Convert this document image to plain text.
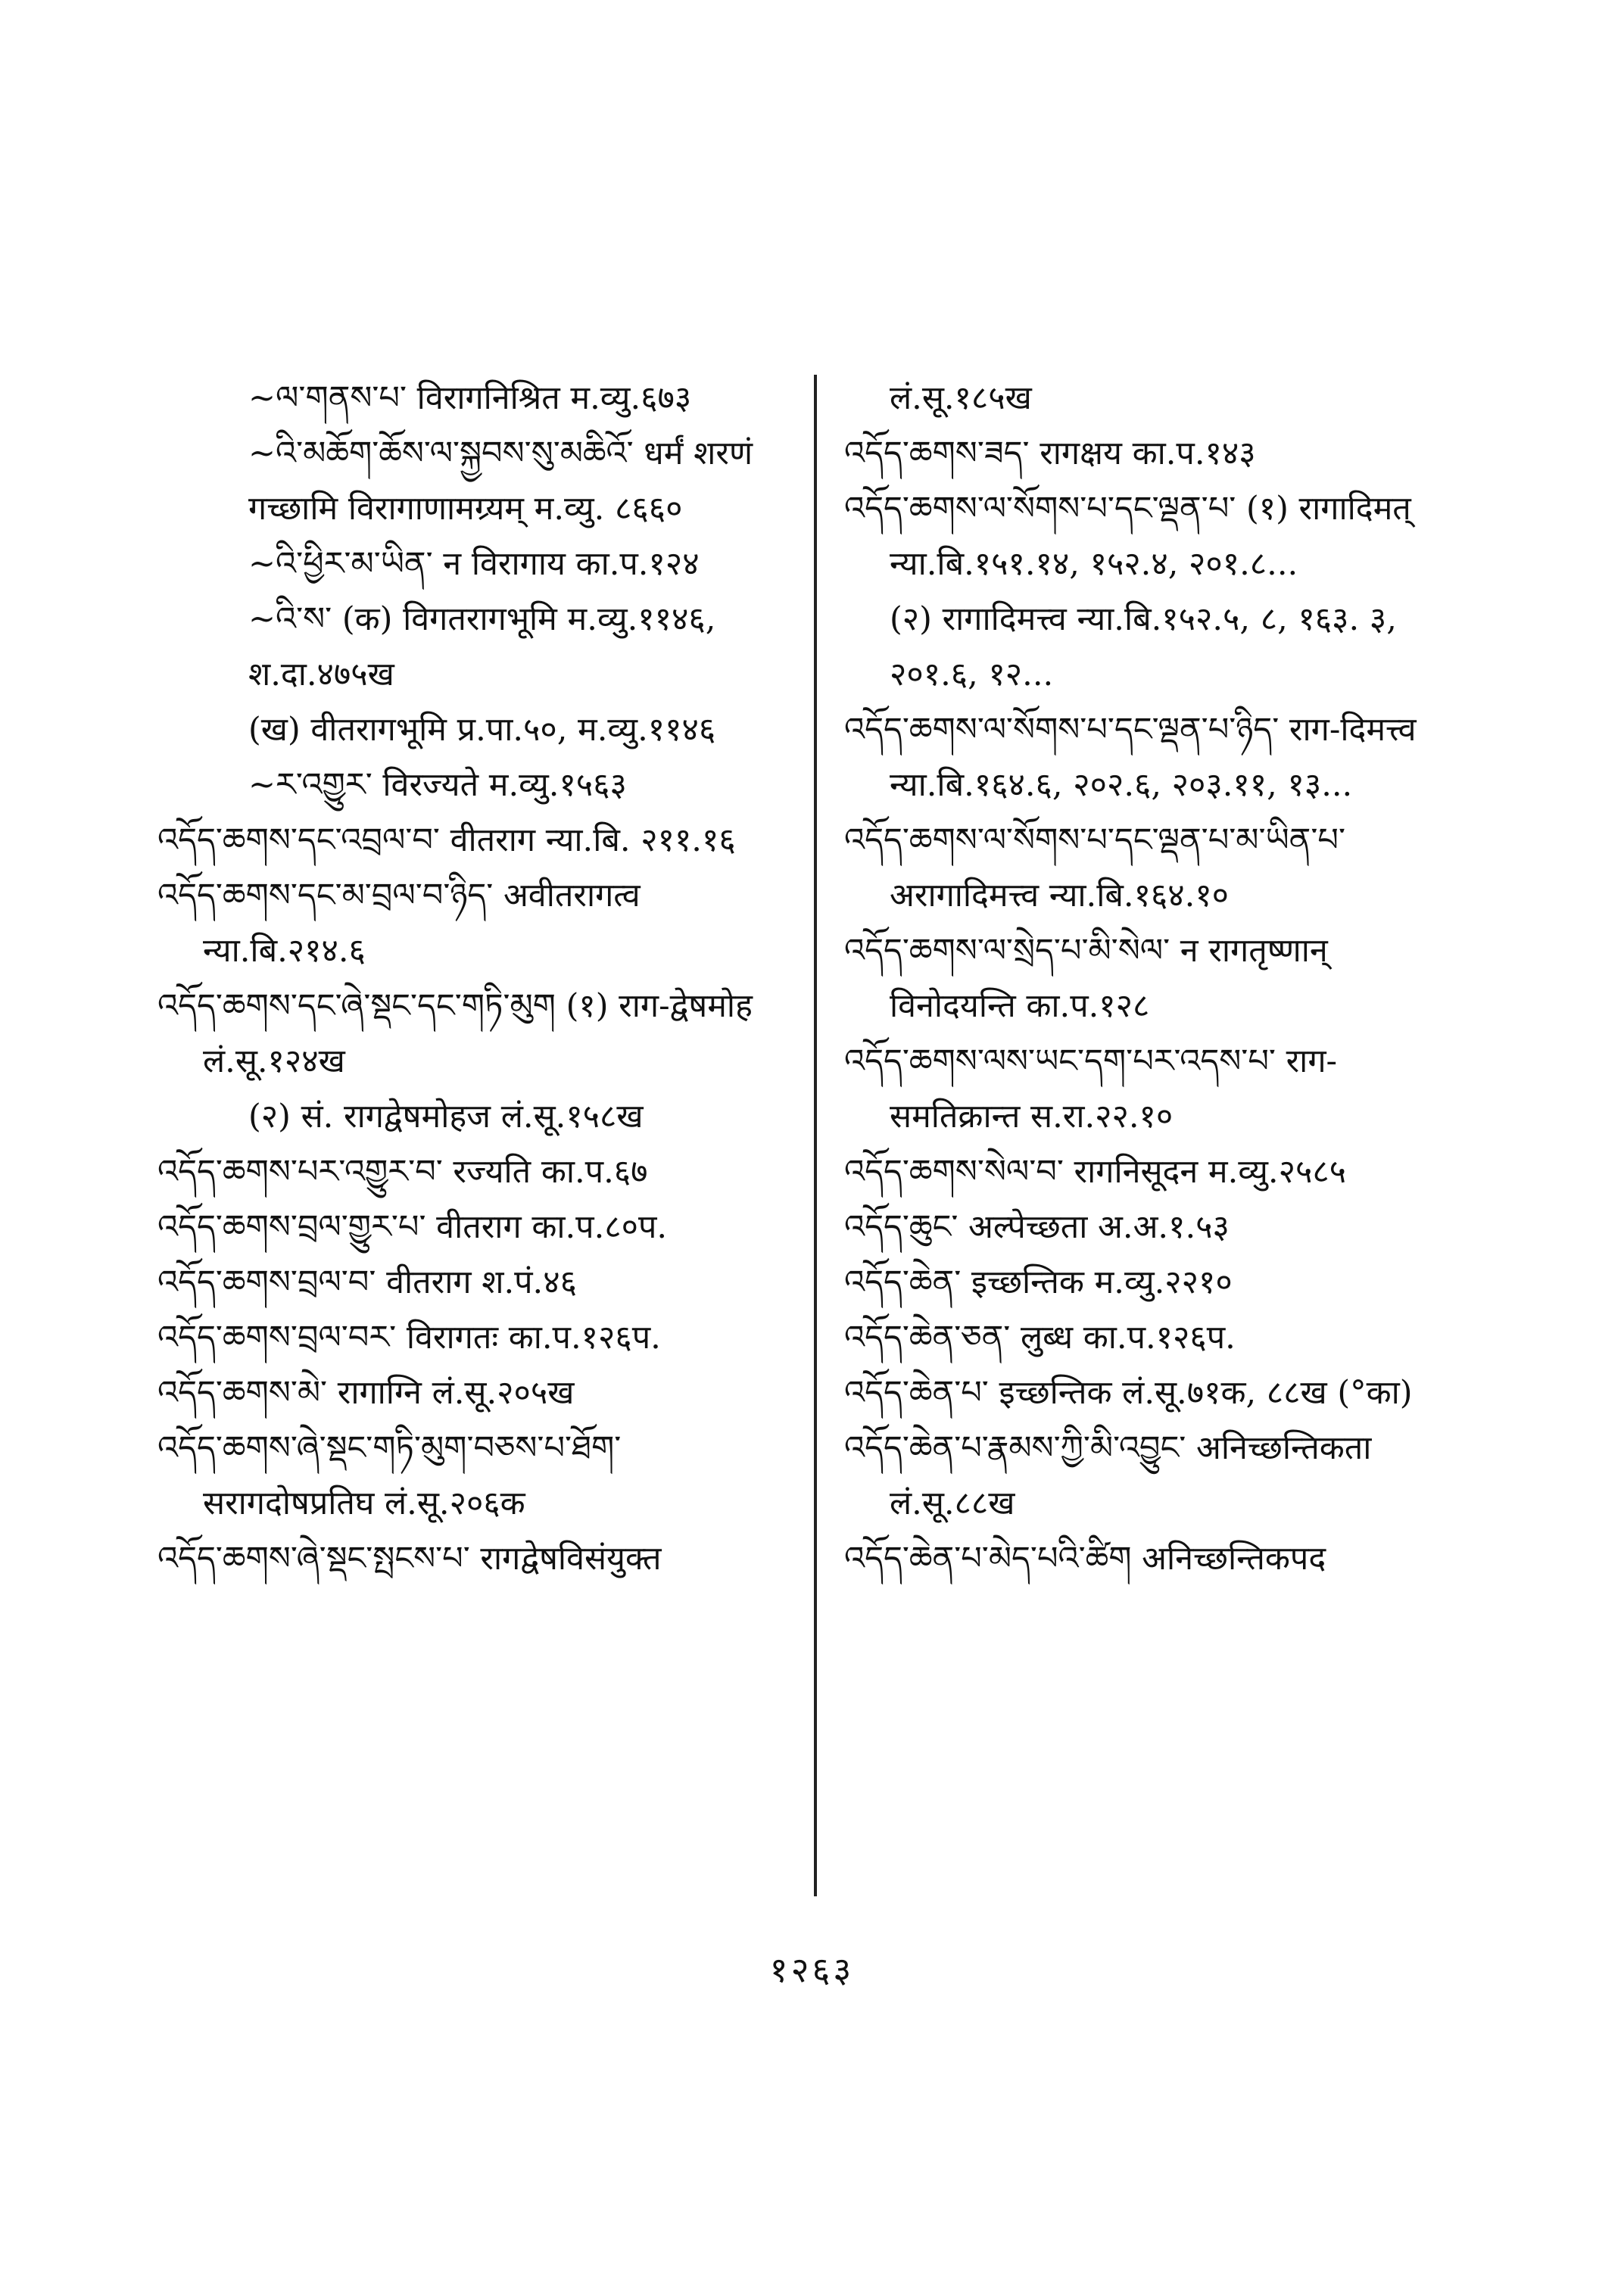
~ལ་གནས་པ་ विरागनिश्रित म.व्यु.६७३

~འི་མཆོག་ཆོས་ལ་སྐྱབས་སུ་མཆིའོ་ धर्मं शरणं गच्छामि विरागाणामग्र्यम् म.व्यु. ८६६०

~འི་ཕྱིར་མ་ཡིན་ न विरागाय का.प.१२४

~འི་ས་ (क) विगतरागभूमि म.व्यु.११४६, श.दा.४७५ख

(ख) वीतरागभूमि प्र.पा.५०, म.व्यु.११४६

~ར་འགྱུར་ विरज्यते म.व्यु.१५६३

འདོད་ཆགས་དང་འབྲལ་བ་ वीतराग न्या.बि. २११.१६

འདོད་ཆགས་དང་མ་བྲལ་བ་ཉིད་ अवीतरागत्व न्या.बि.२१४.६

འདོད་ཆགས་དང་ཞེ་སྡང་དང་གཏི་མུག (१) राग-द्वेषमोह लं.सू.१२४ख

(२) सं. रागद्वेषमोहज लं.सू.१५८ख

འདོད་ཆགས་པར་འགྱུར་བ་ रज्यति का.प.६७

འདོད་ཆགས་བྲལ་གྱུར་པ་ वीतराग का.प.८०प.

འདོད་ཆགས་བྲལ་བ་ वीतराग श.पं.४६

འདོད་ཆགས་བྲལ་བར་ विरागतः का.प.१२६प.

འདོད་ཆགས་མེ་ रागाग्नि लं.सू.२०५ख

འདོད་ཆགས་ཞེ་སྡང་གཏི་མུག་བཅས་པ་ཐོག་ सरागदोषप्रतिघ लं.सू.२०६क

འདོད་ཆགས་ཞེ་སྡང་སྤངས་པ་ रागद्वेषविसंयुक्त

लं.सू.१८५ख

འདོད་ཆགས་ཟད་ रागक्षय का.प.१४३

འདོད་ཆགས་ལ་སོགས་པ་དང་ལྡན་པ་ (१) रागादिमत् न्या.बि.१५१.१४, १५२.४, २०१.८...

(२) रागादिमत्त्व न्या.बि.१५२.५, ८, १६३. ३, २०१.६, १२...

འདོད་ཆགས་ལ་སོགས་པ་དང་ལྡན་པ་ཉིད་ राग-दिमत्त्व न्या.बि.१६४.६, २०२.६, २०३.११, १३...

འདོད་ཆགས་ལ་སོགས་པ་དང་ལྡན་པ་མ་ཡིན་པ་ अरागादिमत्त्व न्या.बि.१६४.१०

འདོད་ཆགས་ལ་སྲེད་པ་མི་སེལ་ न रागतृष्णान् विनोदयन्ति का.प.१२८

འདོད་ཆགས་ལས་ཡང་དག་པར་འདས་པ་ राग-समतिक्रान्त स.रा.२२.१०

འདོད་ཆགས་སེལ་བ་ रागनिसूदन म.व्यु.२५८५

འདོད་ཆུང་ अल्पेच्छता अ.अ.१.५३

འདོད་ཆེན་ इच्छन्तिक म.व्यु.२२१०

འདོད་ཆེན་ཅན་ लुब्ध का.प.१२६प.

འདོད་ཆེན་པ་ इच्छन्तिक लं.सू.७१क, ८८ख (°का)

འདོད་ཆེན་པ་རྣམས་ཀྱི་མི་འབྱུང་ अनिच्छन्तिकता लं.सू.८८ख

འདོད་ཆེན་པ་མེད་པའི་ཚིག अनिच्छन्तिकपद

१२६३
